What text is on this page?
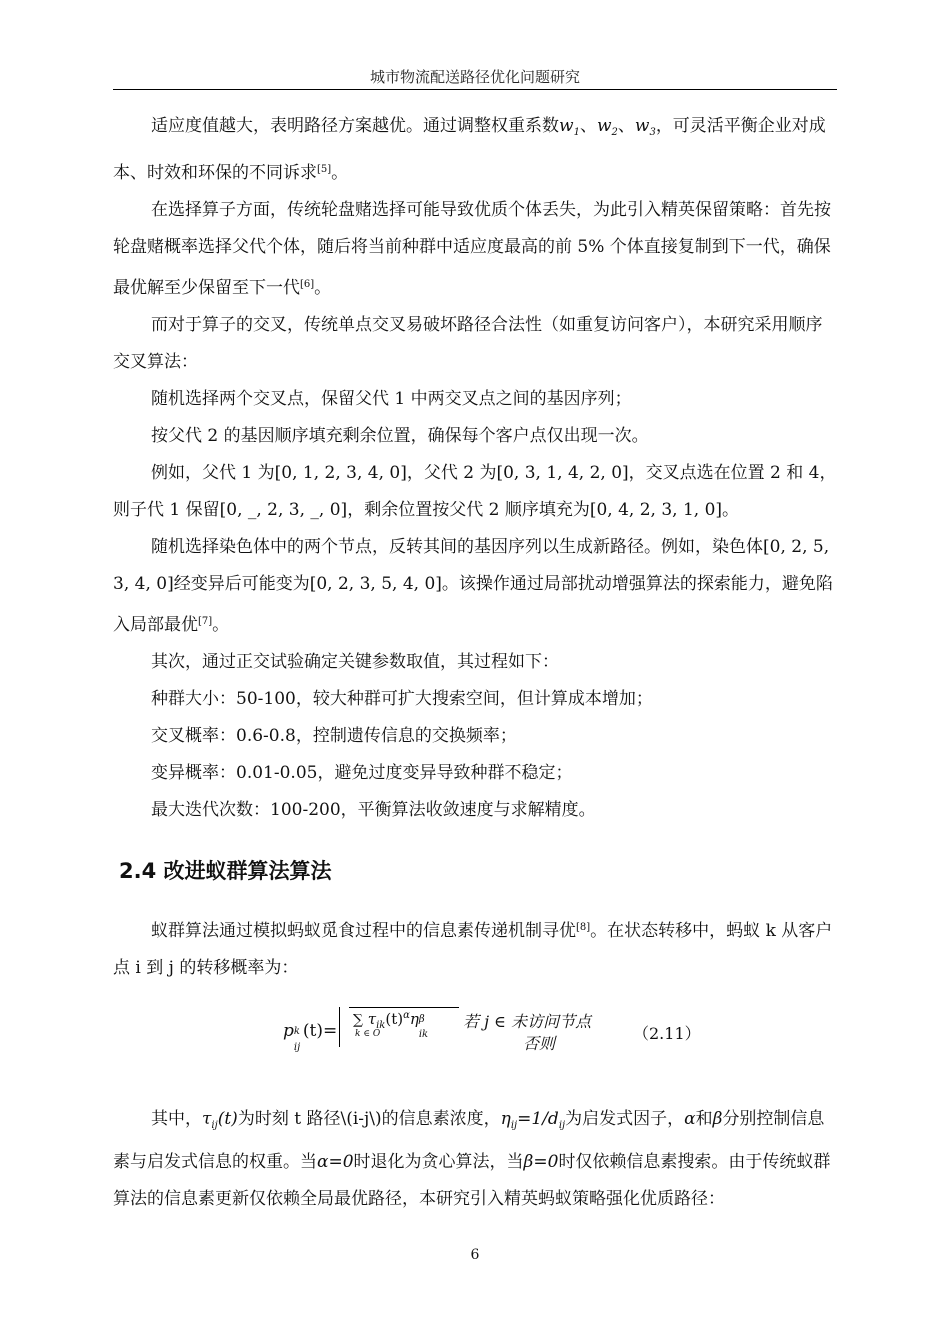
城市物流配送路径优化问题研究

适应度值越大，表明路径方案越优。通过调整权重系数$w_1$、$w_2$、$w_3$，可灵活平衡企业对成本、时效和环保的不同诉求[5]。

在选择算子方面，传统轮盘赌选择可能导致优质个体丢失，为此引入精英保留策略：首先按轮盘赌概率选择父代个体，随后将当前种群中适应度最高的前 5% 个体直接复制到下一代，确保最优解至少保留至下一代[6]。

而对于算子的交叉，传统单点交叉易破坏路径合法性（如重复访问客户），本研究采用顺序交叉算法：

随机选择两个交叉点，保留父代 1 中两交叉点之间的基因序列；

按父代 2 的基因顺序填充剩余位置，确保每个客户点仅出现一次。

例如，父代 1 为[0, 1, 2, 3, 4, 0]，父代 2 为[0, 3, 1, 4, 2, 0]，交叉点选在位置 2 和 4，则子代 1 保留[0, _, 2, 3, _, 0]，剩余位置按父代 2 顺序填充为[0, 4, 2, 3, 1, 0]。

随机选择染色体中的两个节点，反转其间的基因序列以生成新路径。例如，染色体[0, 2, 5, 3, 4, 0]经变异后可能变为[0, 2, 3, 5, 4, 0]。该操作通过局部扰动增强算法的探索能力，避免陷入局部最优[7]。

其次，通过正交试验确定关键参数取值，其过程如下：

种群大小：50-100，较大种群可扩大搜索空间，但计算成本增加；

交叉概率：0.6-0.8，控制遗传信息的交换频率；

变异概率：0.01-0.05，避免过度变异导致种群不稳定；

最大迭代次数：100-200，平衡算法收敛速度与求解精度。

2.4 改进蚁群算法算法

蚁群算法通过模拟蚂蚁觅食过程中的信息素传递机制寻优[8]。在状态转移中，蚂蚁 k 从客户点 i 到 j 的转移概率为：

p k
ij
(t)=
∑ $\tau_{ik}(t)^\alpha\eta$ β
ik
k ∈ O
若 j ∈ 未访问节点
否则
（2.11）

其中，$\tau_{ij}(t)$为时刻 t 路径\(i-j\)的信息素浓度，$\eta_{ij}=1/d_{ij}$为启发式因子，α和β分别控制信息素与启发式信息的权重。当α=0时退化为贪心算法，当β=0时仅依赖信息素搜索。由于传统蚁群算法的信息素更新仅依赖全局最优路径，本研究引入精英蚂蚁策略强化优质路径：

6
